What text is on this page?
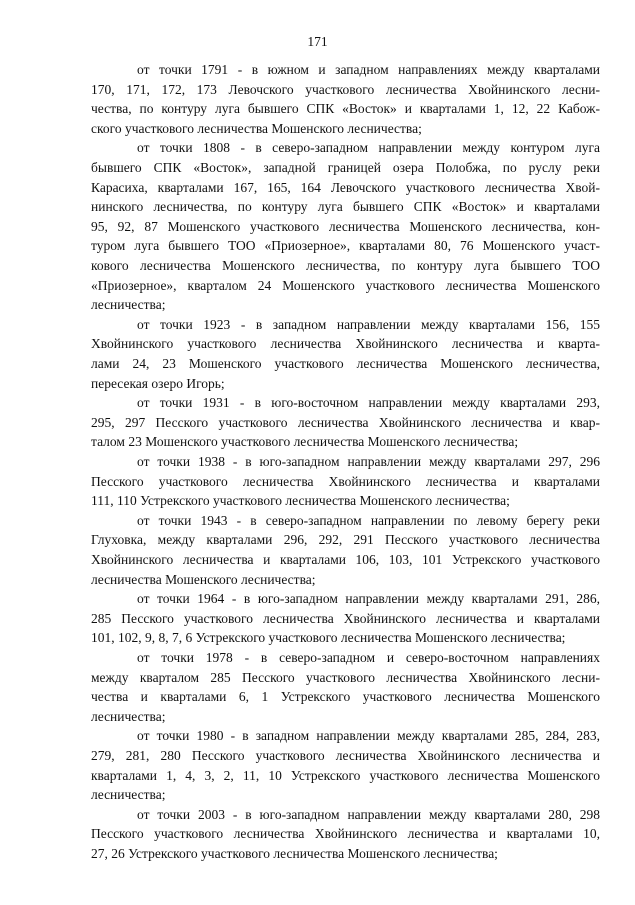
171
от точки 1791 - в южном и западном направлениях между кварталами
170, 171, 172, 173 Левочского участкового лесничества Хвойнинского лесни-
чества, по контуру луга бывшего СПК «Восток» и кварталами 1, 12, 22 Кабож-
ского участкового лесничества Мошенского лесничества;
от точки 1808 - в северо-западном направлении между контуром луга
бывшего СПК «Восток», западной границей озера Полобжа, по руслу реки
Карасиха, кварталами 167, 165, 164 Левочского участкового лесничества Хвой-
нинского лесничества, по контуру луга бывшего СПК «Восток» и кварталами
95, 92, 87 Мошенского участкового лесничества Мошенского лесничества, кон-
туром луга бывшего ТОО «Приозерное», кварталами 80, 76 Мошенского участ-
кового лесничества Мошенского лесничества, по контуру луга бывшего ТОО
«Приозерное», кварталом 24 Мошенского участкового лесничества Мошенского
лесничества;
от точки 1923 - в западном направлении между кварталами 156, 155
Хвойнинского участкового лесничества Хвойнинского лесничества и кварта-
лами 24, 23 Мошенского участкового лесничества Мошенского лесничества,
пересекая озеро Игорь;
от точки 1931 - в юго-восточном направлении между кварталами 293,
295, 297 Песского участкового лесничества Хвойнинского лесничества и квар-
талом 23 Мошенского участкового лесничества Мошенского лесничества;
от точки 1938 - в юго-западном направлении между кварталами 297, 296
Песского участкового лесничества Хвойнинского лесничества и кварталами
111, 110 Устрекского участкового лесничества Мошенского лесничества;
от точки 1943 - в северо-западном направлении по левому берегу реки
Глуховка, между кварталами 296, 292, 291 Песского участкового лесничества
Хвойнинского лесничества и кварталами 106, 103, 101 Устрекского участкового
лесничества Мошенского лесничества;
от точки 1964 - в юго-западном направлении между кварталами 291, 286,
285 Песского участкового лесничества Хвойнинского лесничества и кварталами
101, 102, 9, 8, 7, 6 Устрекского участкового лесничества Мошенского лесничества;
от точки 1978 - в северо-западном и северо-восточном направлениях
между кварталом 285 Песского участкового лесничества Хвойнинского лесни-
чества и кварталами 6, 1 Устрекского участкового лесничества Мошенского
лесничества;
от точки 1980 - в западном направлении между кварталами 285, 284, 283,
279, 281, 280 Песского участкового лесничества Хвойнинского лесничества и
кварталами 1, 4, 3, 2, 11, 10 Устрекского участкового лесничества Мошенского
лесничества;
от точки 2003 - в юго-западном направлении между кварталами 280, 298
Песского участкового лесничества Хвойнинского лесничества и кварталами 10,
27, 26 Устрекского участкового лесничества Мошенского лесничества;
